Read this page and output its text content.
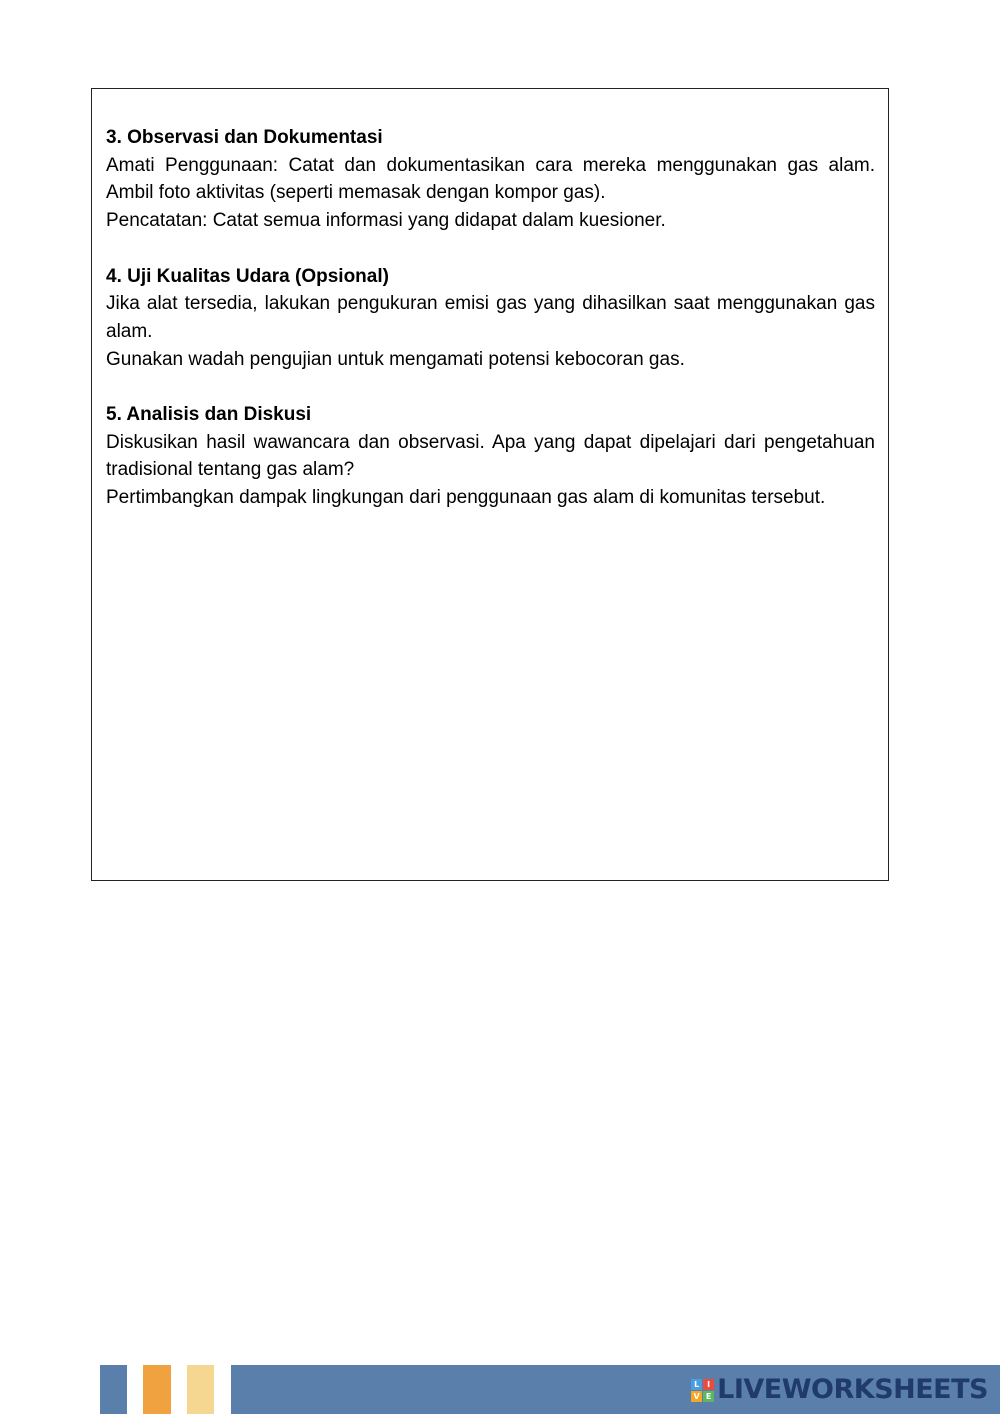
3. Observasi dan Dokumentasi

Amati Penggunaan: Catat dan dokumentasikan cara mereka menggunakan gas alam. Ambil foto aktivitas (seperti memasak dengan kompor gas).

Pencatatan: Catat semua informasi yang didapat dalam kuesioner.

4. Uji Kualitas Udara (Opsional)

Jika alat tersedia, lakukan pengukuran emisi gas yang dihasilkan saat menggunakan gas alam.

Gunakan wadah pengujian untuk mengamati potensi kebocoran gas.

5. Analisis dan Diskusi

Diskusikan hasil wawancara dan observasi. Apa yang dapat dipelajari dari pengetahuan tradisional tentang gas alam?

Pertimbangkan dampak lingkungan dari penggunaan gas alam di komunitas tersebut.

L I
V E LIVEWORKSHEETS
